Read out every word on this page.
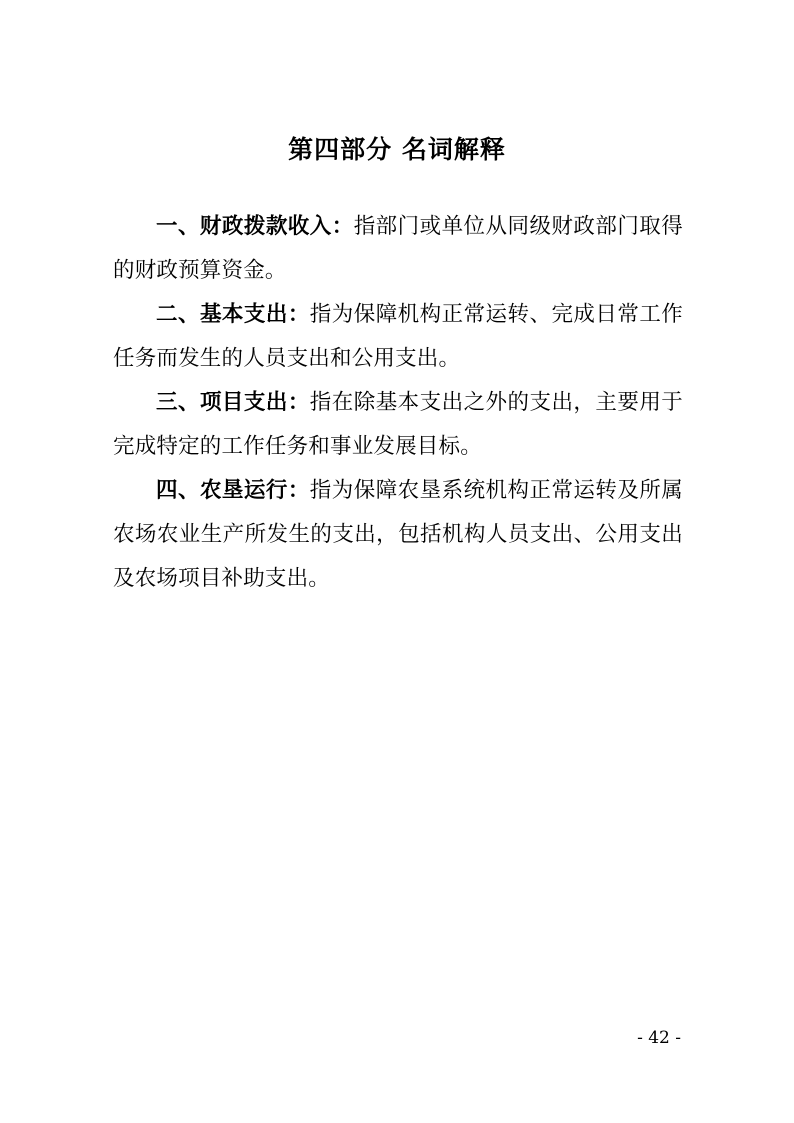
第四部分 名词解释

一、财政拨款收入：指部门或单位从同级财政部门取得的财政预算资金。

二、基本支出：指为保障机构正常运转、完成日常工作任务而发生的人员支出和公用支出。

三、项目支出：指在除基本支出之外的支出，主要用于完成特定的工作任务和事业发展目标。

四、农垦运行：指为保障农垦系统机构正常运转及所属农场农业生产所发生的支出，包括机构人员支出、公用支出及农场项目补助支出。

- 42 -
